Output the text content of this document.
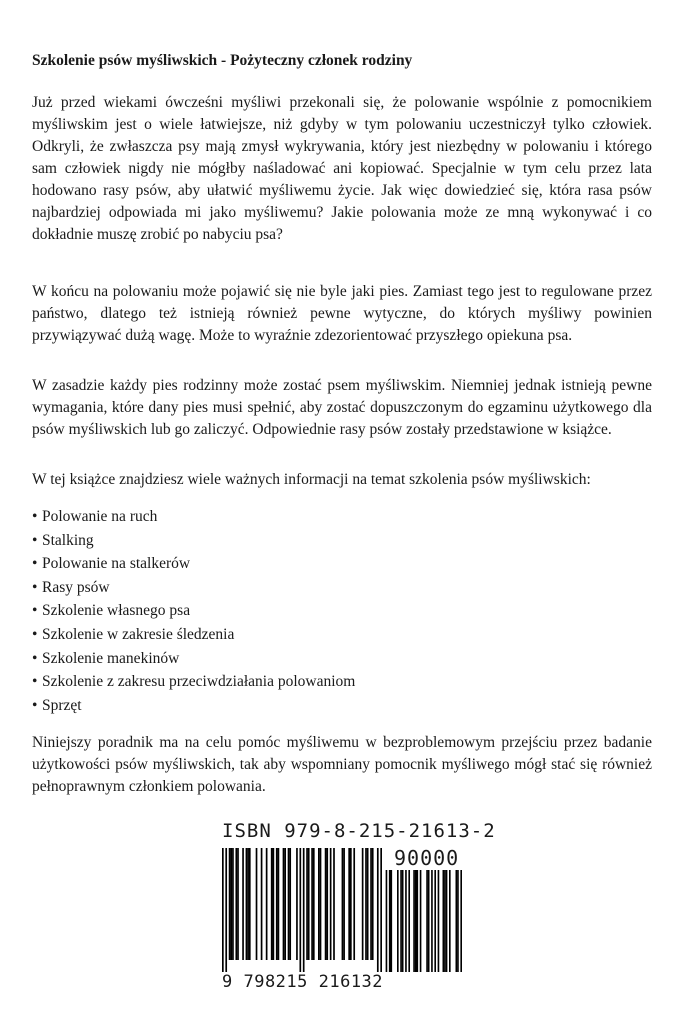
Szkolenie psów myśliwskich - Pożyteczny członek rodziny

Już przed wiekami ówcześni myśliwi przekonali się, że polowanie wspólnie z pomocnikiem myśliwskim jest o wiele łatwiejsze, niż gdyby w tym polowaniu uczestniczył tylko człowiek. Odkryli, że zwłaszcza psy mają zmysł wykrywania, który jest niezbędny w polowaniu i którego sam człowiek nigdy nie mógłby naśladować ani kopiować. Specjalnie w tym celu przez lata hodowano rasy psów, aby ułatwić myśliwemu życie. Jak więc dowiedzieć się, która rasa psów najbardziej odpowiada mi jako myśliwemu? Jakie polowania może ze mną wykonywać i co dokładnie muszę zrobić po nabyciu psa?

W końcu na polowaniu może pojawić się nie byle jaki pies. Zamiast tego jest to regulowane przez państwo, dlatego też istnieją również pewne wytyczne, do których myśliwy powinien przywiązywać dużą wagę. Może to wyraźnie zdezorientować przyszłego opiekuna psa.

W zasadzie każdy pies rodzinny może zostać psem myśliwskim. Niemniej jednak istnieją pewne wymagania, które dany pies musi spełnić, aby zostać dopuszczonym do egzaminu użytkowego dla psów myśliwskich lub go zaliczyć. Odpowiednie rasy psów zostały przedstawione w książce.

W tej książce znajdziesz wiele ważnych informacji na temat szkolenia psów myśliwskich:

• Polowanie na ruch
• Stalking
• Polowanie na stalkerów
• Rasy psów
• Szkolenie własnego psa
• Szkolenie w zakresie śledzenia
• Szkolenie manekinów
• Szkolenie z zakresu przeciwdziałania polowaniom
• Sprzęt

Niniejszy poradnik ma na celu pomóc myśliwemu w bezproblemowym przejściu przez badanie użytkowości psów myśliwskich, tak aby wspomniany pomocnik myśliwego mógł stać się również pełnoprawnym członkiem polowania.

ISBN 979-8-215-21613-2
90000
9 798215 216132
